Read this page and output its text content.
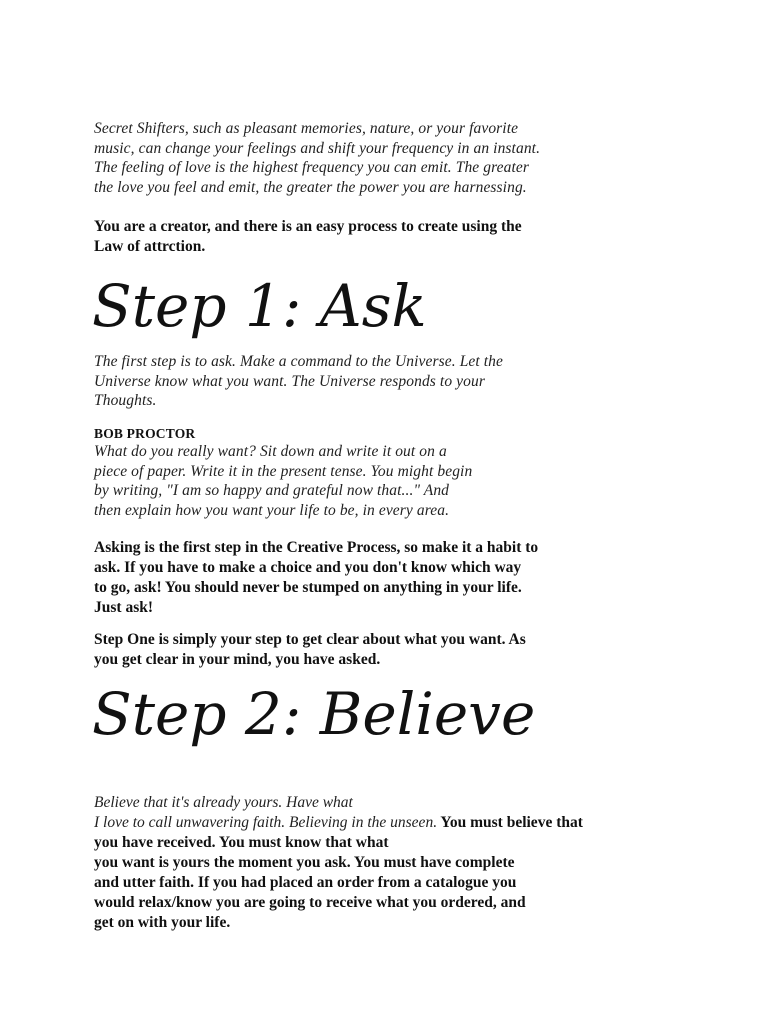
Secret Shifters, such as pleasant memories, nature, or your favorite
music, can change your feelings and shift your frequency in an instant.
The feeling of love is the highest frequency you can emit. The greater
the love you feel and emit, the greater the power you are harnessing.

You are a creator, and there is an easy process to create using the
Law of attrction.

Step 1: Ask

The first step is to ask. Make a command to the Universe. Let the
Universe know what you want. The Universe responds to your
Thoughts.

BOB PROCTOR

What do you really want? Sit down and write it out on a
piece of paper. Write it in the present tense. You might begin
by writing, "I am so happy and grateful now that..." And
then explain how you want your life to be, in every area.

Asking is the first step in the Creative Process, so make it a habit to
ask. If you have to make a choice and you don't know which way
to go, ask! You should never be stumped on anything in your life.
Just ask!

Step One is simply your step to get clear about what you want. As
you get clear in your mind, you have asked.

Step 2: Believe
Believe that it's already yours. Have what
I love to call unwavering faith. Believing in the unseen. You must believe that
you have received. You must know that what
you want is yours the moment you ask. You must have complete
and utter faith. If you had placed an order from a catalogue you
would relax/know you are going to receive what you ordered, and
get on with your life.
